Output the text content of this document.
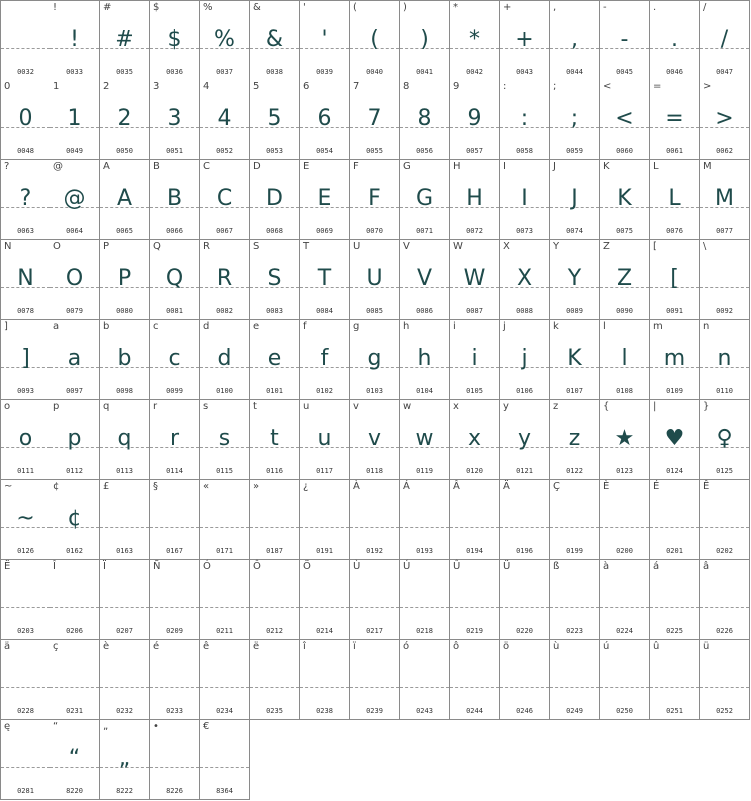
0032
!
!
0033
#
#
0035
$
$
0036
%
%
0037
&
&
0038
'
'
0039
(
(
0040
)
)
0041
*
*
0042
+
+
0043
,
,
0044
-
-
0045
.
.
0046
/
/
0047
0
0
0048
1
1
0049
2
2
0050
3
3
0051
4
4
0052
5
5
0053
6
6
0054
7
7
0055
8
8
0056
9
9
0057
:
:
0058
;
;
0059
<
<
0060
=
=
0061
>
>
0062
?
?
0063
@
@
0064
A
A
0065
B
B
0066
C
C
0067
D
D
0068
E
E
0069
F
F
0070
G
G
0071
H
H
0072
I
I
0073
J
J
0074
K
K
0075
L
L
0076
M
M
0077
N
N
0078
O
O
0079
P
P
0080
Q
Q
0081
R
R
0082
S
S
0083
T
T
0084
U
U
0085
V
V
0086
W
W
0087
X
X
0088
Y
Y
0089
Z
Z
0090
[
[
0091
\
0092
]
]
0093
a
a
0097
b
b
0098
c
c
0099
d
d
0100
e
e
0101
f
f
0102
g
g
0103
h
h
0104
i
i
0105
j
j
0106
k
K
0107
l
l
0108
m
m
0109
n
n
0110
o
o
0111
p
p
0112
q
q
0113
r
r
0114
s
s
0115
t
t
0116
u
u
0117
v
v
0118
w
w
0119
x
x
0120
y
y
0121
z
z
0122
{
★
0123
|
♥
0124
}
♀
0125
~
~
0126
¢
¢
0162
£
0163
§
0167
«
0171
»
0187
¿
0191
À
0192
Á
0193
Â
0194
Ä
0196
Ç
0199
È
0200
É
0201
Ê
0202
Ë
0203
Î
0206
Ï
0207
Ñ
0209
Ó
0211
Ô
0212
Ö
0214
Ù
0217
Ú
0218
Û
0219
Ü
0220
ß
0223
à
0224
á
0225
â
0226
ä
0228
ç
0231
è
0232
é
0233
ê
0234
ë
0235
î
0238
ï
0239
ó
0243
ô
0244
ö
0246
ù
0249
ú
0250
û
0251
ü
0252
ę
0281
“
“
8220
„
„
8222
•
8226
€
8364
